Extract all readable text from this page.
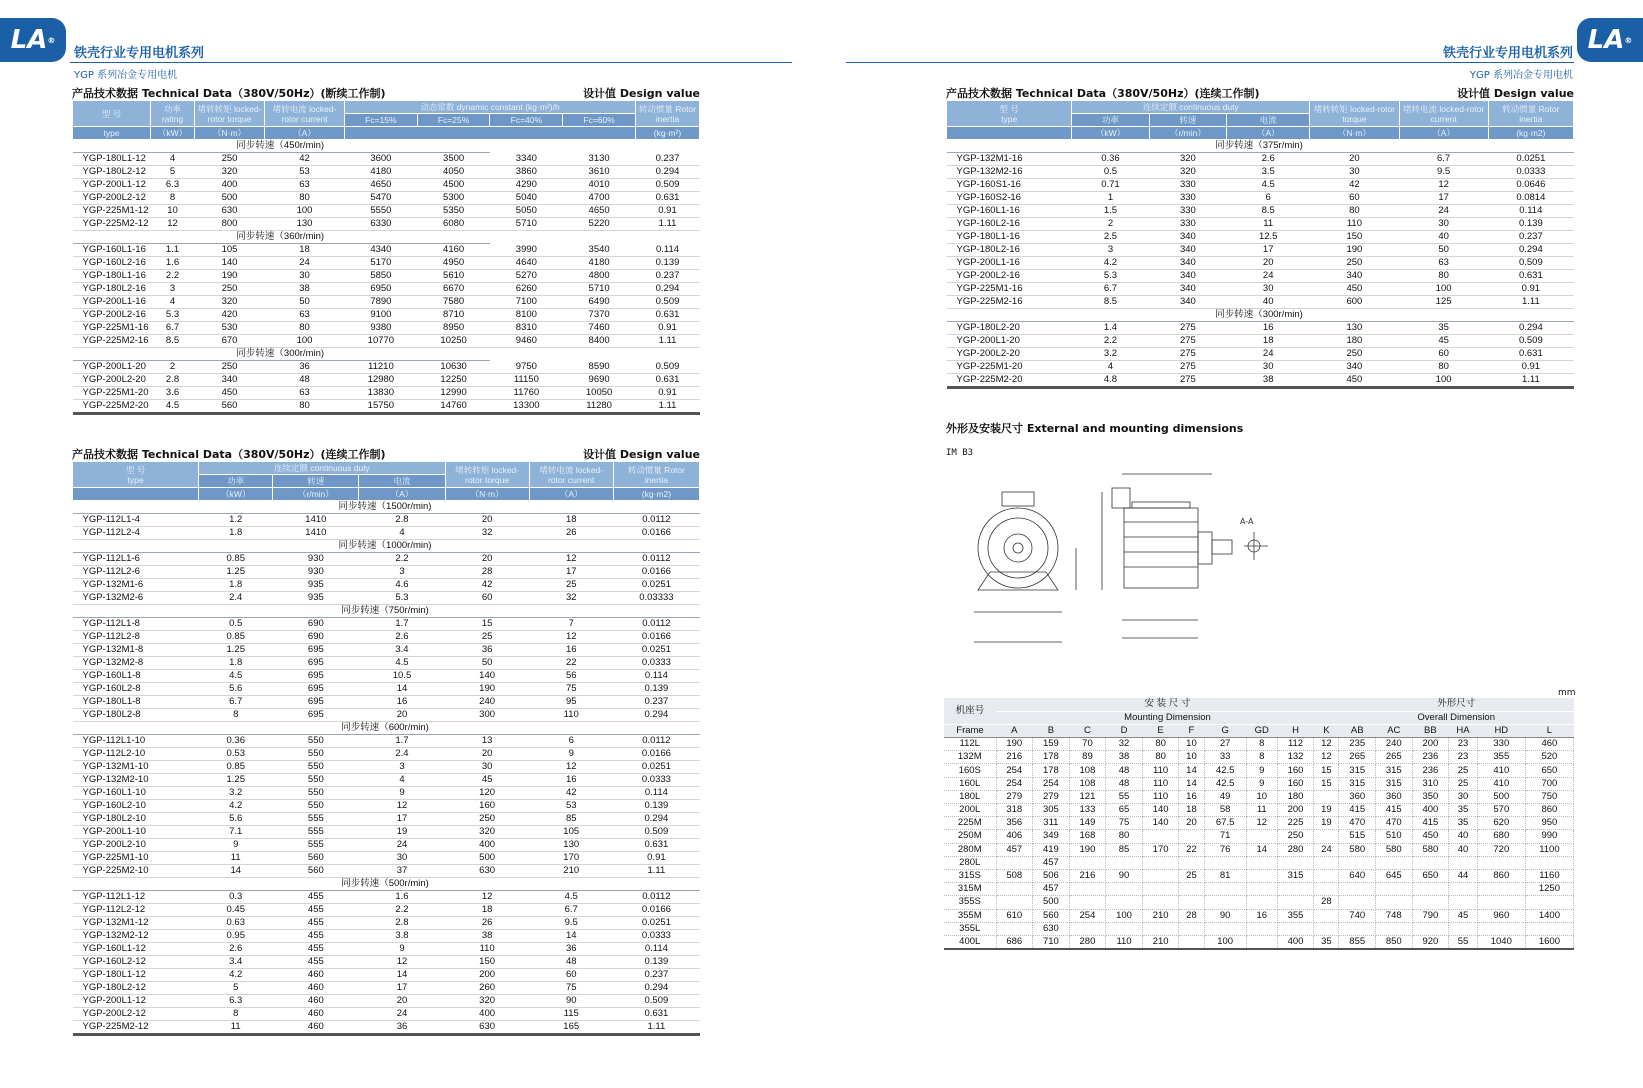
LA ®	LA ®
铁壳行业专用电机系列
YGP 系列冶金专用电机
铁壳行业专用电机系列
YGP 系列冶金专用电机
产品技术数据 Technical Data（380V/50Hz）(断续工作制)	设计值 Design value
型 号	功率 rating	堵转转矩 locked-rotor torque	堵转电流 locked-rotor current	动态常数 dynamic constant (kg·m²)/h				转动惯量 Rotor inertia
				Fc=15%	Fc=25%	Fc=40%	Fc=60%	
type	（kW）	（N·m）	（A）					(kg·m²)
同步转速（450r/min)								
YGP-180L1-12	4	250	42	3600	3500	3340	3130	0.237
YGP-180L2-12	5	320	53	4180	4050	3860	3610	0.294
YGP-200L1-12	6.3	400	63	4650	4500	4290	4010	0.509
YGP-200L2-12	8	500	80	5470	5300	5040	4700	0.631
YGP-225M1-12	10	630	100	5550	5350	5050	4650	0.91
YGP-225M2-12	12	800	130	6330	6080	5710	5220	1.11
同步转速（360r/min)								
YGP-160L1-16	1.1	105	18	4340	4160	3990	3540	0.114
YGP-160L2-16	1.6	140	24	5170	4950	4640	4180	0.139
YGP-180L1-16	2.2	190	30	5850	5610	5270	4800	0.237
YGP-180L2-16	3	250	38	6950	6670	6260	5710	0.294
YGP-200L1-16	4	320	50	7890	7580	7100	6490	0.509
YGP-200L2-16	5.3	420	63	9100	8710	8100	7370	0.631
YGP-225M1-16	6.7	530	80	9380	8950	8310	7460	0.91
YGP-225M2-16	8.5	670	100	10770	10250	9460	8400	1.11
同步转速（300r/min)								
YGP-200L1-20	2	250	36	11210	10630	9750	8590	0.509
YGP-200L2-20	2.8	340	48	12980	12250	11150	9690	0.631
YGP-225M1-20	3.6	450	63	13830	12990	11760	10050	0.91
YGP-225M2-20	4.5	560	80	15750	14760	13300	11280	1.11
产品技术数据 Technical Data（380V/50Hz）(连续工作制)	设计值 Design value
型 号
type	连续定额 continuous duty			堵转转矩 locked-rotor torque	堵转电流 locked-rotor current	转动惯量 Rotor inertia
	功率	转速	电流			
	（kW）	（r/min）	（A）	（N·m）	（A）	(kg·m2)
同步转速（1500r/min)						
YGP-112L1-4	1.2	1410	2.8	20	18	0.0112
YGP-112L2-4	1.8	1410	4	32	26	0.0166
同步转速（1000r/min)						
YGP-112L1-6	0.85	930	2.2	20	12	0.0112
YGP-112L2-6	1.25	930	3	28	17	0.0166
YGP-132M1-6	1.8	935	4.6	42	25	0.0251
YGP-132M2-6	2.4	935	5.3	60	32	0.03333
同步转速（750r/min)						
YGP-112L1-8	0.5	690	1.7	15	7	0.0112
YGP-112L2-8	0.85	690	2.6	25	12	0.0166
YGP-132M1-8	1.25	695	3.4	36	16	0.0251
YGP-132M2-8	1.8	695	4.5	50	22	0.0333
YGP-160L1-8	4.5	695	10.5	140	56	0.114
YGP-160L2-8	5.6	695	14	190	75	0.139
YGP-180L1-8	6.7	695	16	240	95	0.237
YGP-180L2-8	8	695	20	300	110	0.294
同步转速（600r/min)						
YGP-112L1-10	0.36	550	1.7	13	6	0.0112
YGP-112L2-10	0.53	550	2.4	20	9	0.0166
YGP-132M1-10	0.85	550	3	30	12	0.0251
YGP-132M2-10	1.25	550	4	45	16	0.0333
YGP-160L1-10	3.2	550	9	120	42	0.114
YGP-160L2-10	4.2	550	12	160	53	0.139
YGP-180L2-10	5.6	555	17	250	85	0.294
YGP-200L1-10	7.1	555	19	320	105	0.509
YGP-200L2-10	9	555	24	400	130	0.631
YGP-225M1-10	11	560	30	500	170	0.91
YGP-225M2-10	14	560	37	630	210	1.11
同步转速（500r/min)						
YGP-112L1-12	0.3	455	1.6	12	4.5	0.0112
YGP-112L2-12	0.45	455	2.2	18	6.7	0.0166
YGP-132M1-12	0.63	455	2.8	26	9.5	0.0251
YGP-132M2-12	0.95	455	3.8	38	14	0.0333
YGP-160L1-12	2.6	455	9	110	36	0.114
YGP-160L2-12	3.4	455	12	150	48	0.139
YGP-180L1-12	4.2	460	14	200	60	0.237
YGP-180L2-12	5	460	17	260	75	0.294
YGP-200L1-12	6.3	460	20	320	90	0.509
YGP-200L2-12	8	460	24	400	115	0.631
YGP-225M2-12	11	460	36	630	165	1.11
产品技术数据 Technical Data（380V/50Hz）(连续工作制)	设计值 Design value
型 号
type	连续定额 continuous duty			堵转转矩 locked-rotor torque	堵转电流 locked-rotor current	转动惯量 Rotor inertia
	功率	转速	电流			
	（kW）	（r/min）	（A）	（N·m）	（A）	(kg·m2)
同步转速（375r/min)						
YGP-132M1-16	0.36	320	2.6	20	6.7	0.0251
YGP-132M2-16	0.5	320	3.5	30	9.5	0.0333
YGP-160S1-16	0.71	330	4.5	42	12	0.0646
YGP-160S2-16	1	330	6	60	17	0.0814
YGP-160L1-16	1.5	330	8.5	80	24	0.114
YGP-160L2-16	2	330	11	110	30	0.139
YGP-180L1-16	2.5	340	12.5	150	40	0.237
YGP-180L2-16	3	340	17	190	50	0.294
YGP-200L1-16	4.2	340	20	250	63	0.509
YGP-200L2-16	5.3	340	24	340	80	0.631
YGP-225M1-16	6.7	340	30	450	100	0.91
YGP-225M2-16	8.5	340	40	600	125	1.11
同步转速（300r/min)						
YGP-180L2-20	1.4	275	16	130	35	0.294
YGP-200L1-20	2.2	275	18	180	45	0.509
YGP-200L2-20	3.2	275	24	250	60	0.631
YGP-225M1-20	4	275	30	340	80	0.91
YGP-225M2-20	4.8	275	38	450	100	1.11
外形及安装尺寸 External and mounting dimensions
IM B3
A-A
mm
机座号	安 装 尺 寸										外形尺寸					
	Mounting Dimension										Overall Dimension					
Frame	A	B	C	D	E	F	G	GD	H	K	AB	AC	BB	HA	HD	L
112L	190	159	70	32	80	10	27	8	112	12	235	240	200	23	330	460
132M	216	178	89	38	80	10	33	8	132	12	265	265	236	23	355	520
160S	254	178	108	48	110	14	42.5	9	160	15	315	315	236	25	410	650
160L	254	254	108	48	110	14	42.5	9	160	15	315	315	310	25	410	700
180L	279	279	121	55	110	16	49	10	180		360	360	350	30	500	750
200L	318	305	133	65	140	18	58	11	200	19	415	415	400	35	570	860
225M	356	311	149	75	140	20	67.5	12	225	19	470	470	415	35	620	950
250M	406	349	168	80			71		250		515	510	450	40	680	990
280M	457	419	190	85	170	22	76	14	280	24	580	580	580	40	720	1100
280L		457														
315S	508	506	216	90		25	81		315		640	645	650	44	860	1160
315M		457														1250
355S		500								28						
355M	610	560	254	100	210	28	90	16	355		740	748	790	45	960	1400
355L		630														
400L	686	710	280	110	210		100		400	35	855	850	920	55	1040	1600
